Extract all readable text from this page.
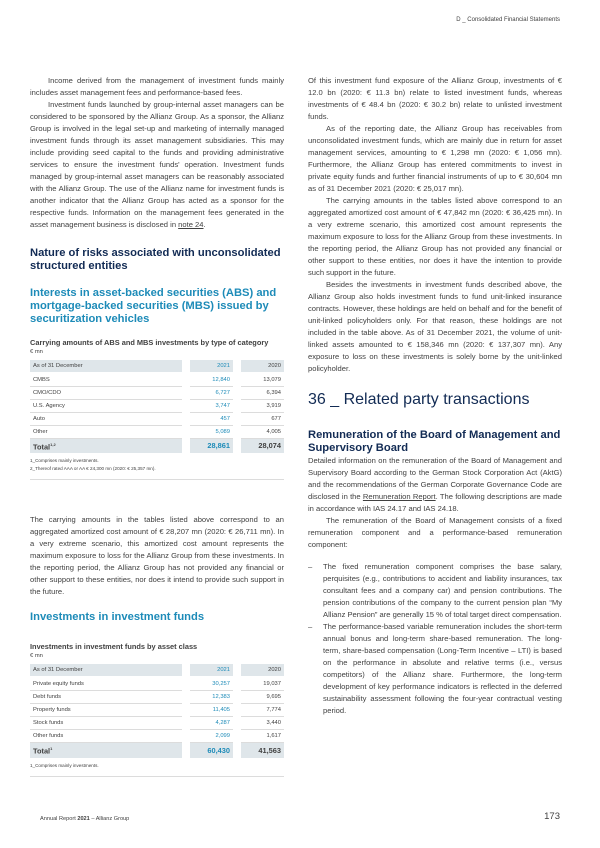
D _ Consolidated Financial Statements

Income derived from the management of investment funds mainly includes asset management fees and performance-based fees.

Investment funds launched by group-internal asset managers can be considered to be sponsored by the Allianz Group. As a sponsor, the Allianz Group is involved in the legal set-up and marketing of internally managed investment funds through its asset management subsidiaries. This may include providing seed capital to the funds and providing administrative services to ensure the investment funds' operation. Investment funds managed by group-internal asset managers can be reasonably associated with the Allianz Group. The use of the Allianz name for investment funds is another indicator that the Allianz Group has acted as a sponsor for the respective funds. Information on the management fees generated in the asset management business is disclosed in note 24.

Nature of risks associated with unconsolidated structured entities
Interests in asset-backed securities (ABS) and mortgage-backed securities (MBS) issued by securitization vehicles
Carrying amounts of ABS and MBS investments by type of category
€ mn
As of 31 December		2021		2020
CMBS		12,840		13,079
CMO/CDO		6,727		6,394
U.S. Agency		3,747		3,919
Auto		457		677
Other		5,089		4,005
Total$^{1,2}$		28,861		28,074
1_Comprises mainly investments.
2_Thereof rated AAA or AA € 24,300 mn (2020: € 25,357 mn).

The carrying amounts in the tables listed above correspond to an aggregated amortized cost amount of € 28,207 mn (2020: € 26,711 mn). In a very extreme scenario, this amortized cost amount represents the maximum exposure to loss for the Allianz Group from these investments. In the reporting period, the Allianz Group has not provided any financial or other support to these entities, nor does it intend to provide such support in the future.

Investments in investment funds
Investments in investment funds by asset class
€ mn
As of 31 December		2021		2020
Private equity funds		30,257		19,037
Debt funds		12,383		9,695
Property funds		11,405		7,774
Stock funds		4,287		3,440
Other funds		2,099		1,617
Total$^1$		60,430		41,563
1_Comprises mainly investments.

Of this investment fund exposure of the Allianz Group, investments of € 12.0 bn (2020: € 11.3 bn) relate to listed investment funds, whereas investments of € 48.4 bn (2020: € 30.2 bn) relate to unlisted investment funds.

As of the reporting date, the Allianz Group has receivables from unconsolidated investment funds, which are mainly due in return for asset management services, amounting to € 1,298 mn (2020: € 1,056 mn). Furthermore, the Allianz Group has entered commitments to invest in private equity funds and further financial instruments of up to € 30,604 mn as of 31 December 2021 (2020: € 25,017 mn).

The carrying amounts in the tables listed above correspond to an aggregated amortized cost amount of € 47,842 mn (2020: € 36,425 mn). In a very extreme scenario, this amortized cost amount represents the maximum exposure to loss for the Allianz Group from these investments. In the reporting period, the Allianz Group has not provided any financial or other support to these entities, nor does it have the intention to provide such support in the future.

Besides the investments in investment funds described above, the Allianz Group also holds investment funds to fund unit-linked insurance contracts. However, these holdings are held on behalf and for the benefit of unit-linked policyholders only. For that reason, these holdings are not included in the table above. As of 31 December 2021, the volume of unit-linked assets amounted to € 158,346 mn (2020: € 137,307 mn). Any exposure to loss on these investments is solely borne by the unit-linked policyholder.

36 _ Related party transactions
Remuneration of the Board of Management and Supervisory Board

Detailed information on the remuneration of the Board of Management and Supervisory Board according to the German Stock Corporation Act (AktG) and the recommendations of the German Corporate Governance Code are disclosed in the Remuneration Report. The following descriptions are made in accordance with IAS 24.17 and IAS 24.18.

The remuneration of the Board of Management consists of a fixed remuneration component and a performance-based remuneration component:

– The fixed remuneration component comprises the base salary, perquisites (e.g., contributions to accident and liability insurances, tax consultant fees and a company car) and pension contributions. The pension contributions of the company to the current pension plan “My Allianz Pension” are generally 15 % of total target direct compensation.
– The performance-based variable remuneration includes the short-term annual bonus and long-term share-based remuneration. The long-term, share-based compensation (Long-Term Incentive – LTI) is based on the performance in absolute and relative terms (i.e., versus competitors) of the Allianz share. Furthermore, the long-term development of key performance indicators is reflected in the deferred sustainability assessment following the four-year contractual vesting period.
Annual Report 2021 – Allianz Group	173
